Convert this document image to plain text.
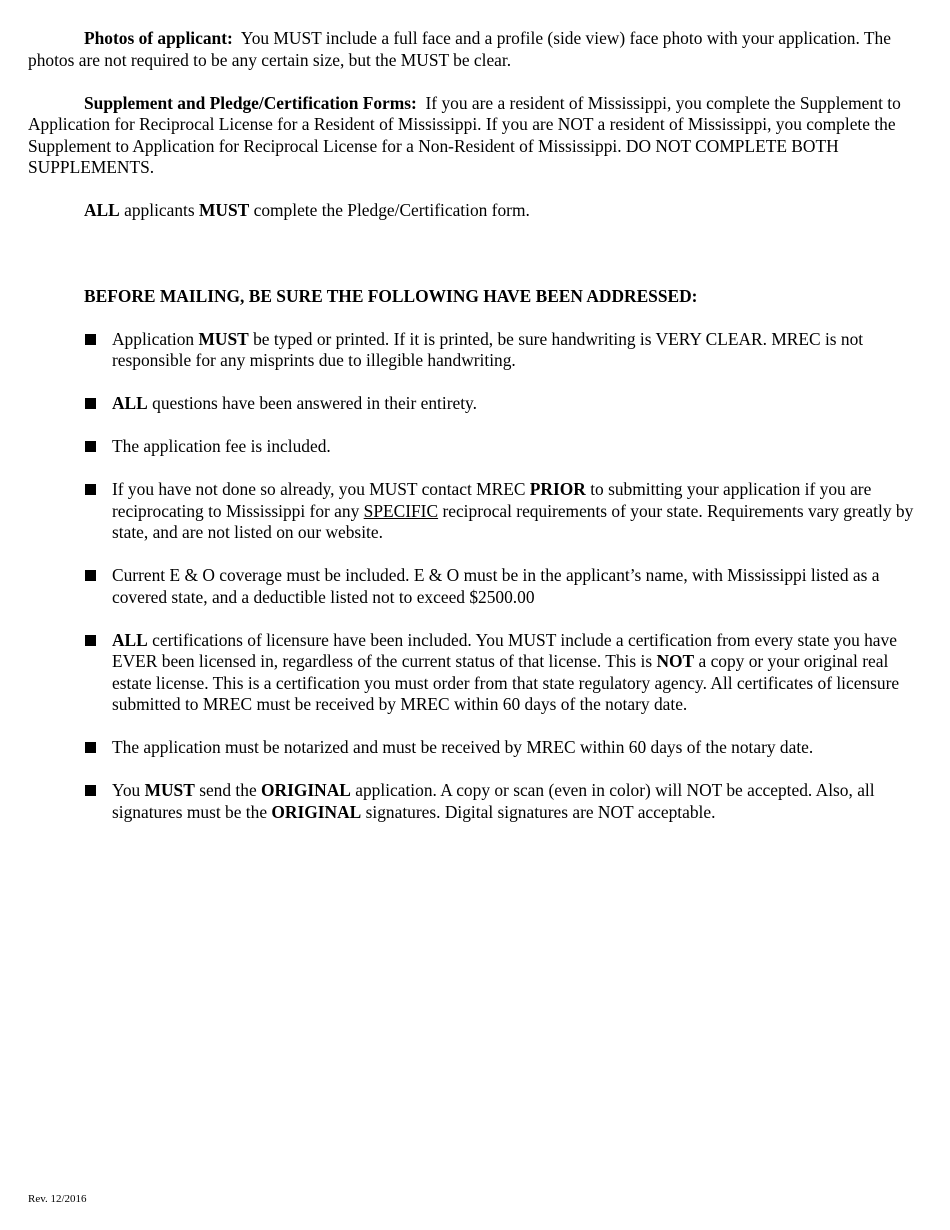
Photos of applicant: You MUST include a full face and a profile (side view) face photo with your application. The photos are not required to be any certain size, but the MUST be clear.

Supplement and Pledge/Certification Forms: If you are a resident of Mississippi, you complete the Supplement to Application for Reciprocal License for a Resident of Mississippi. If you are NOT a resident of Mississippi, you complete the Supplement to Application for Reciprocal License for a Non-Resident of Mississippi. DO NOT COMPLETE BOTH SUPPLEMENTS.

ALL applicants MUST complete the Pledge/Certification form.

BEFORE MAILING, BE SURE THE FOLLOWING HAVE BEEN ADDRESSED:

Application MUST be typed or printed. If it is printed, be sure handwriting is VERY CLEAR. MREC is not responsible for any misprints due to illegible handwriting.
ALL questions have been answered in their entirety.
The application fee is included.
If you have not done so already, you MUST contact MREC PRIOR to submitting your application if you are reciprocating to Mississippi for any SPECIFIC reciprocal requirements of your state. Requirements vary greatly by state, and are not listed on our website.
Current E & O coverage must be included. E & O must be in the applicant’s name, with Mississippi listed as a covered state, and a deductible listed not to exceed $2500.00
ALL certifications of licensure have been included. You MUST include a certification from every state you have EVER been licensed in, regardless of the current status of that license. This is NOT a copy or your original real estate license. This is a certification you must order from that state regulatory agency. All certificates of licensure submitted to MREC must be received by MREC within 60 days of the notary date.
The application must be notarized and must be received by MREC within 60 days of the notary date.
You MUST send the ORIGINAL application. A copy or scan (even in color) will NOT be accepted. Also, all signatures must be the ORIGINAL signatures. Digital signatures are NOT acceptable.
Rev. 12/2016
